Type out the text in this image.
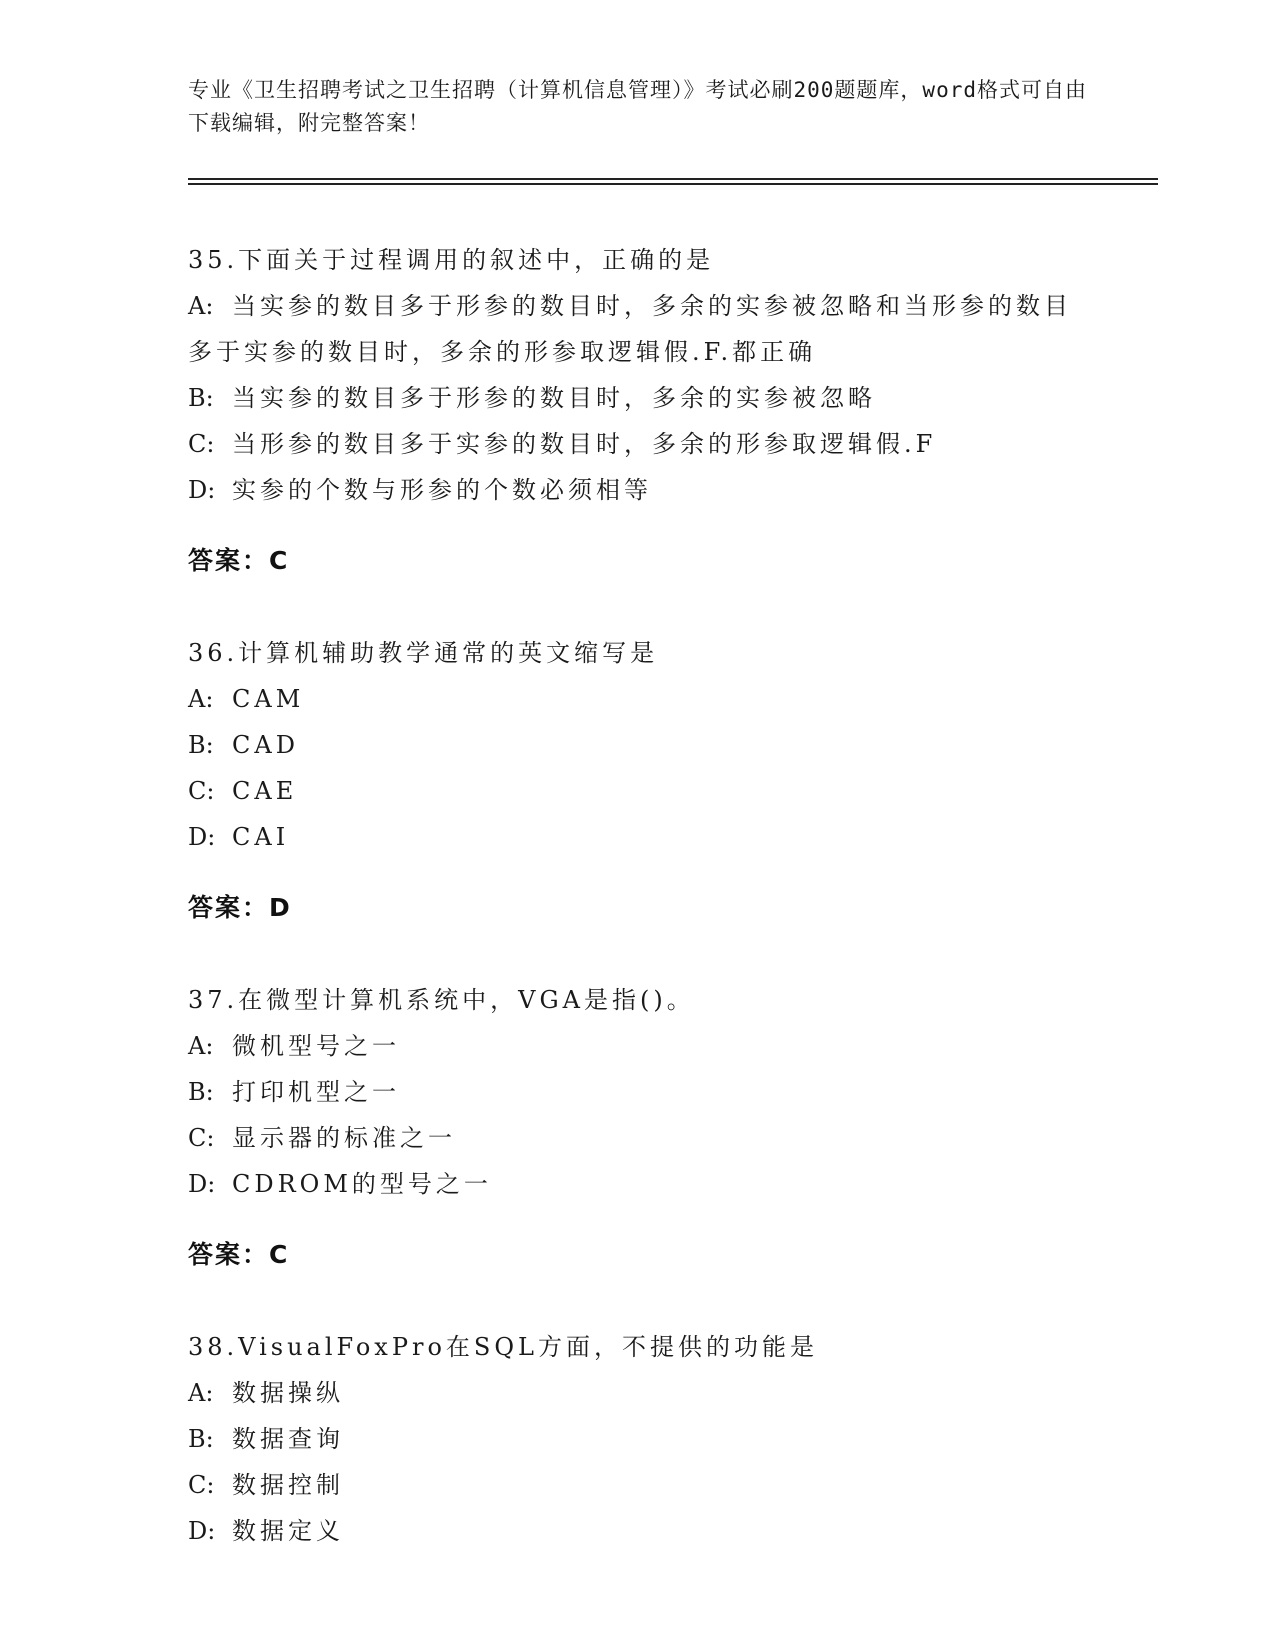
专业《卫生招聘考试之卫生招聘（计算机信息管理）》考试必刷200题题库，word格式可自由下载编辑，附完整答案！

35.下面关于过程调用的叙述中，正确的是

A: 当实参的数目多于形参的数目时，多余的实参被忽略和当形参的数目多于实参的数目时，多余的形参取逻辑假.F.都正确

B: 当实参的数目多于形参的数目时，多余的实参被忽略

C: 当形参的数目多于实参的数目时，多余的形参取逻辑假.F

D: 实参的个数与形参的个数必须相等

答案：C

36.计算机辅助教学通常的英文缩写是

A: CAM

B: CAD

C: CAE

D: CAI

答案：D

37.在微型计算机系统中，VGA是指()。

A: 微机型号之一

B: 打印机型之一

C: 显示器的标准之一

D: CDROM的型号之一

答案：C

38.VisualFoxPro在SQL方面，不提供的功能是

A: 数据操纵

B: 数据查询

C: 数据控制

D: 数据定义
